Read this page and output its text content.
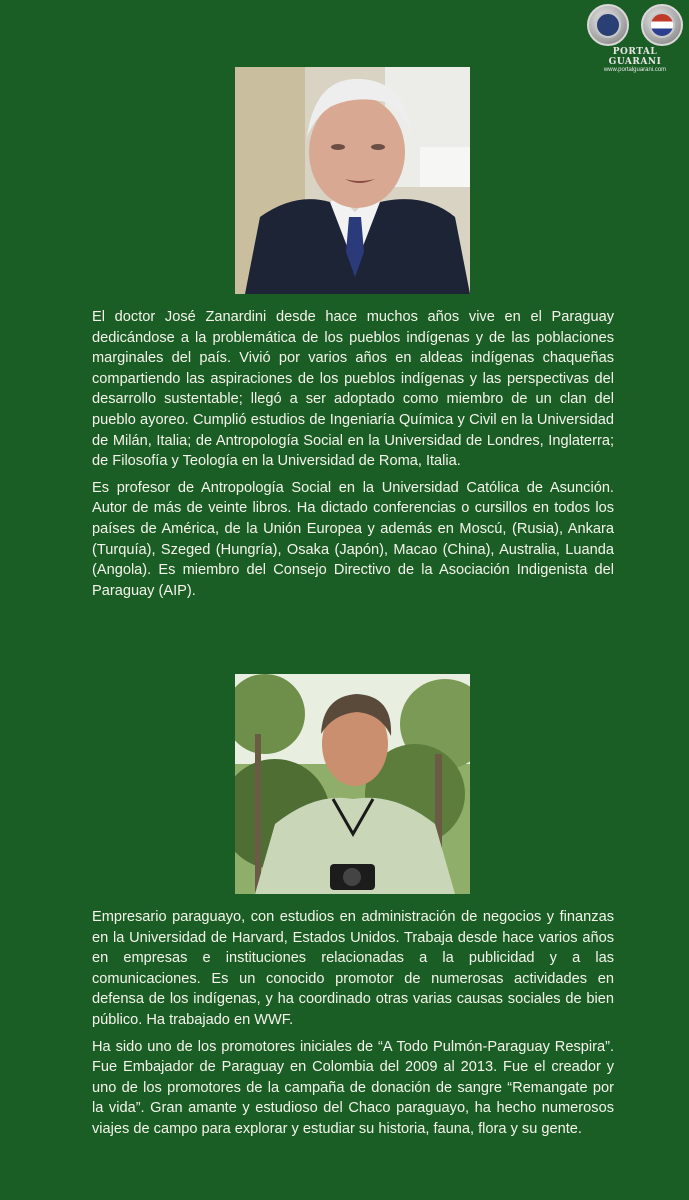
PORTAL GUARANI
www.portalguarani.com

El doctor José Zanardini desde hace muchos años vive en el Paraguay dedicándose a la problemática de los pueblos indígenas y de las poblaciones marginales del país. Vivió por varios años en aldeas indígenas chaqueñas compartiendo las aspiraciones de los pueblos indígenas y las perspectivas del desarrollo sustentable; llegó a ser adoptado como miembro de un clan del pueblo ayoreo. Cumplió estudios de Ingeniaría Química y Civil en la Universidad de Milán, Italia; de Antropología Social en la Universidad de Londres, Inglaterra; de Filosofía y Teología en la Universidad de Roma, Italia.

Es profesor de Antropología Social en la Universidad Católica de Asunción. Autor de más de veinte libros. Ha dictado conferencias o cursillos en todos los países de América, de la Unión Europea y además en Moscú, (Rusia), Ankara (Turquía), Szeged (Hungría), Osaka (Japón), Macao (China), Australia, Luanda (Angola). Es miembro del Consejo Directivo de la Asociación Indigenista del Paraguay (AIP).

Empresario paraguayo, con estudios en administración de negocios y finanzas en la Universidad de Harvard, Estados Unidos. Trabaja desde hace varios años en empresas e instituciones relacionadas a la publicidad y a las comunicaciones. Es un conocido promotor de numerosas actividades en defensa de los indígenas, y ha coordinado otras varias causas sociales de bien público. Ha trabajado en WWF.

Ha sido uno de los promotores iniciales de “A Todo Pulmón-Paraguay Respira”. Fue Embajador de Paraguay en Colombia del 2009 al 2013. Fue el creador y uno de los promotores de la campaña de donación de sangre “Remangate por la vida”. Gran amante y estudioso del Chaco paraguayo, ha hecho numerosos viajes de campo para explorar y estudiar su historia, fauna, flora y su gente.
